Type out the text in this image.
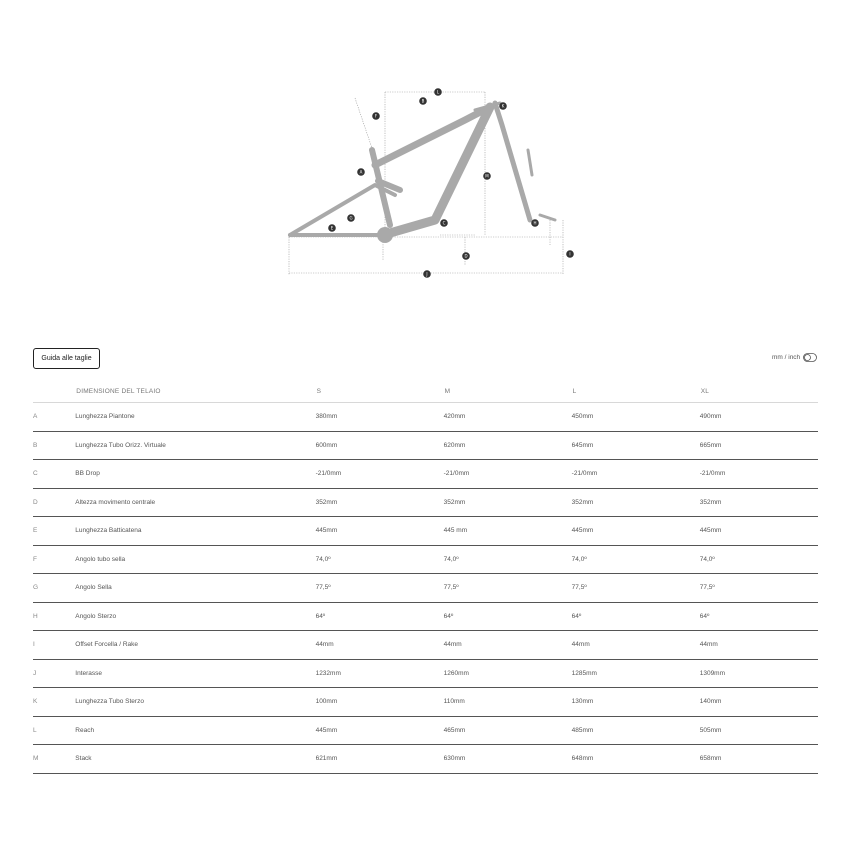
L
B
K
F
A
M
G
C
E
H
D
J
I
Guida alle taglie	mm / inch
	DIMENSIONE DEL TELAIO	S	M	L	XL
A	Lunghezza Piantone	380mm	420mm	450mm	490mm
B	Lunghezza Tubo Orizz. Virtuale	600mm	620mm	645mm	665mm
C	BB Drop	-21/0mm	-21/0mm	-21/0mm	-21/0mm
D	Altezza movimento centrale	352mm	352mm	352mm	352mm
E	Lunghezza Batticatena	445mm	445 mm	445mm	445mm
F	Angolo tubo sella	74,0º	74,0º	74,0º	74,0º
G	Angolo Sella	77,5º	77,5º	77,5º	77,5º
H	Angolo Sterzo	64º	64º	64º	64º
I	Offset Forcella / Rake	44mm	44mm	44mm	44mm
J	Interasse	1232mm	1260mm	1285mm	1309mm
K	Lunghezza Tubo Sterzo	100mm	110mm	130mm	140mm
L	Reach	445mm	465mm	485mm	505mm
M	Stack	621mm	630mm	648mm	658mm
